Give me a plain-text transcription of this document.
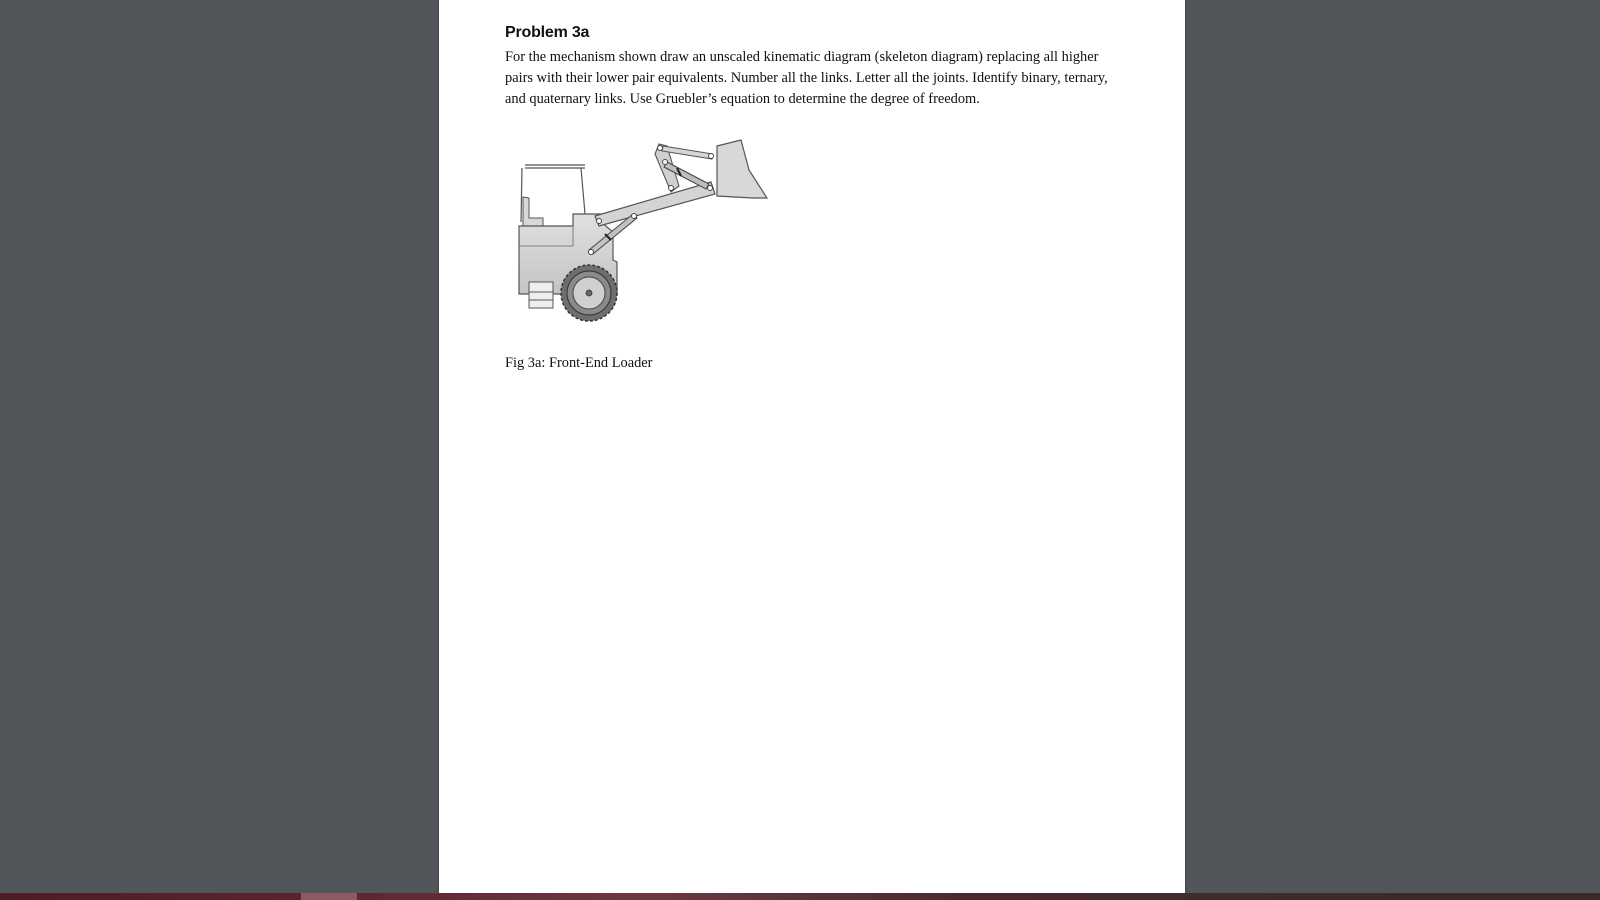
Problem 3a

For the mechanism shown draw an unscaled kinematic diagram (skeleton diagram) replacing all higher pairs with their lower pair equivalents. Number all the links. Letter all the joints. Identify binary, ternary, and quaternary links. Use Gruebler’s equation to determine the degree of freedom.

Fig 3a: Front-End Loader
